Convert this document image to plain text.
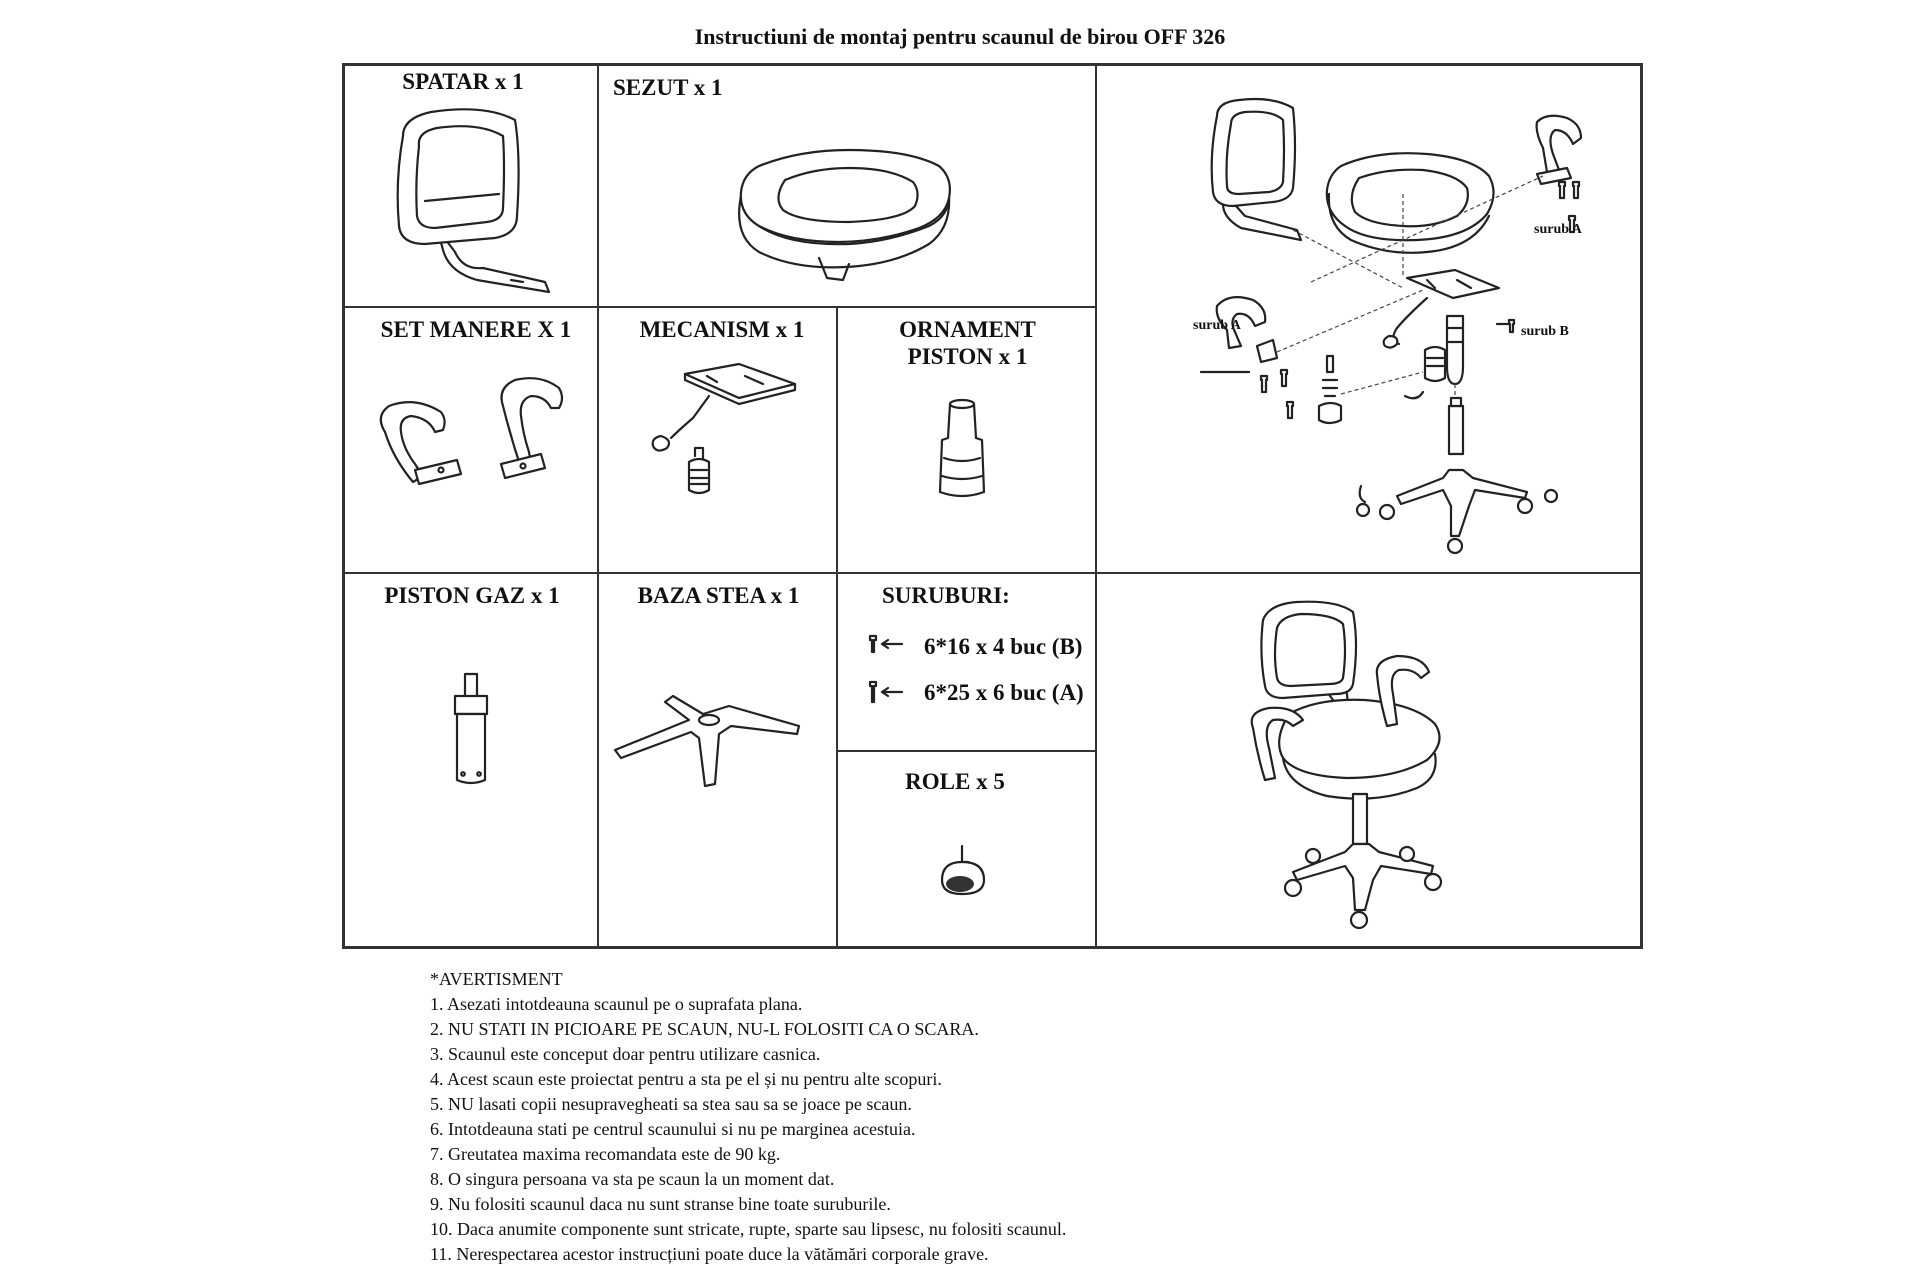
Instructiuni de montaj pentru scaunul de birou OFF 326
SPATAR x 1	SEZUT x 1
surub A
surub A	surub B
SET MANERE X 1	MECANISM x 1	ORNAMENT
PISTON x 1
PISTON GAZ x 1	BAZA STEA x 1	SURUBURI:
6*16 x 4 buc (B)
6*25 x 6 buc (A)
ROLE x 5
*AVERTISMENT
1. Asezati intotdeauna scaunul pe o suprafata plana.
2. NU STATI IN PICIOARE PE SCAUN, NU-L FOLOSITI CA O SCARA.
3. Scaunul este conceput doar pentru utilizare casnica.
4. Acest scaun este proiectat pentru a sta pe el și nu pentru alte scopuri.
5. NU lasati copii nesupravegheati sa stea sau sa se joace pe scaun.
6. Intotdeauna stati pe centrul scaunului si nu pe marginea acestuia.
7. Greutatea maxima recomandata este de 90 kg.
8. O singura persoana va sta pe scaun la un moment dat.
9. Nu folositi scaunul daca nu sunt stranse bine toate suruburile.
10. Daca anumite componente sunt stricate, rupte, sparte sau lipsesc, nu folositi scaunul.
11. Nerespectarea acestor instrucțiuni poate duce la vătămări corporale grave.
